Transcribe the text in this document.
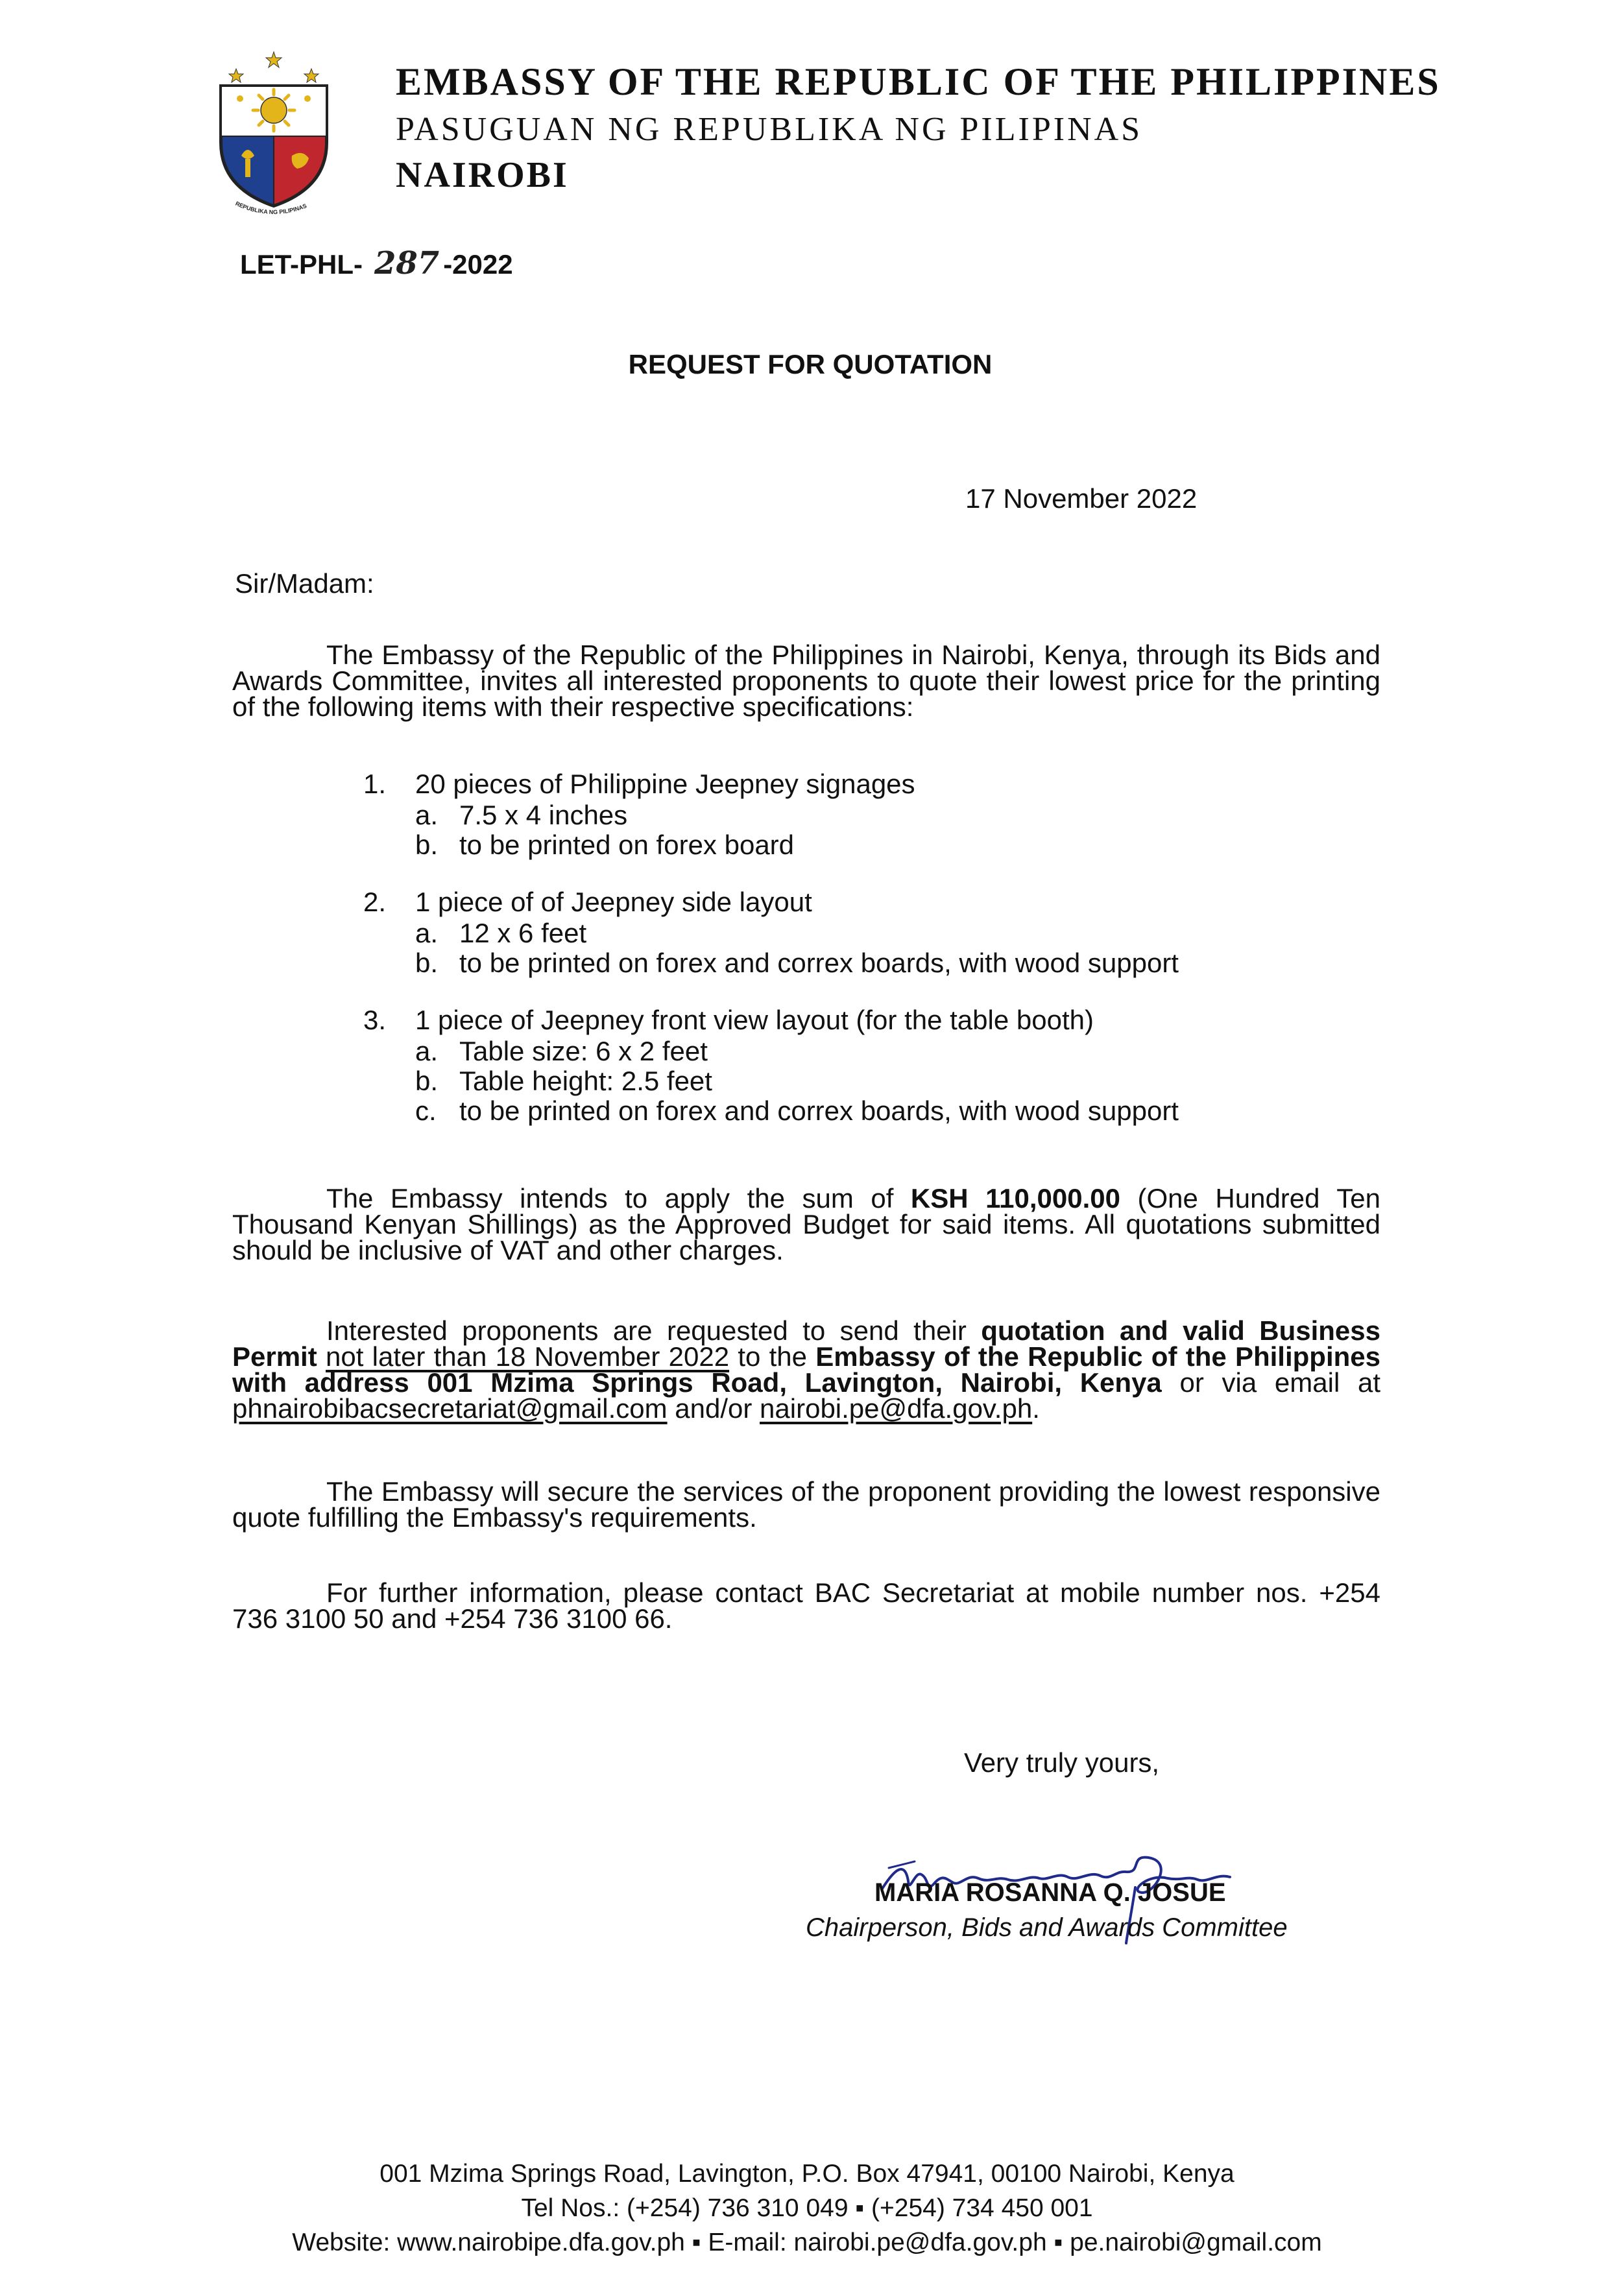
REPUBLIKA NG PILIPINAS
EMBASSY OF THE REPUBLIC OF THE PHILIPPINES
PASUGUAN NG REPUBLIKA NG PILIPINAS
NAIROBI
LET-PHL- 287 -2022
REQUEST FOR QUOTATION
17 November 2022
Sir/Madam:
The Embassy of the Republic of the Philippines in Nairobi, Kenya, through its Bids and Awards Committee, invites all interested proponents to quote their lowest price for the printing of the following items with their respective specifications:
1.	20 pieces of Philippine Jeepney signages
a. 7.5 x 4 inches
b. to be printed on forex board
2.	1 piece of of Jeepney side layout
a. 12 x 6 feet
b. to be printed on forex and correx boards, with wood support
3.	1 piece of Jeepney front view layout (for the table booth)
a. Table size: 6 x 2 feet
b. Table height: 2.5 feet
c. to be printed on forex and correx boards, with wood support
The Embassy intends to apply the sum of KSH 110,000.00 (One Hundred Ten Thousand Kenyan Shillings) as the Approved Budget for said items. All quotations submitted should be inclusive of VAT and other charges.
Interested proponents are requested to send their quotation and valid Business Permit not later than 18 November 2022 to the Embassy of the Republic of the Philippines with address 001 Mzima Springs Road, Lavington, Nairobi, Kenya or via email at phnairobibacsecretariat@gmail.com and/or nairobi.pe@dfa.gov.ph.
The Embassy will secure the services of the proponent providing the lowest responsive quote fulfilling the Embassy's requirements.
For further information, please contact BAC Secretariat at mobile number nos. +254 736 3100 50 and +254 736 3100 66.
Very truly yours,
MARIA ROSANNA Q. JOSUE
Chairperson, Bids and Awards Committee
001 Mzima Springs Road, Lavington, P.O. Box 47941, 00100 Nairobi, Kenya
Tel Nos.: (+254) 736 310 049 ▪ (+254) 734 450 001
Website: www.nairobipe.dfa.gov.ph ▪ E-mail: nairobi.pe@dfa.gov.ph ▪ pe.nairobi@gmail.com
